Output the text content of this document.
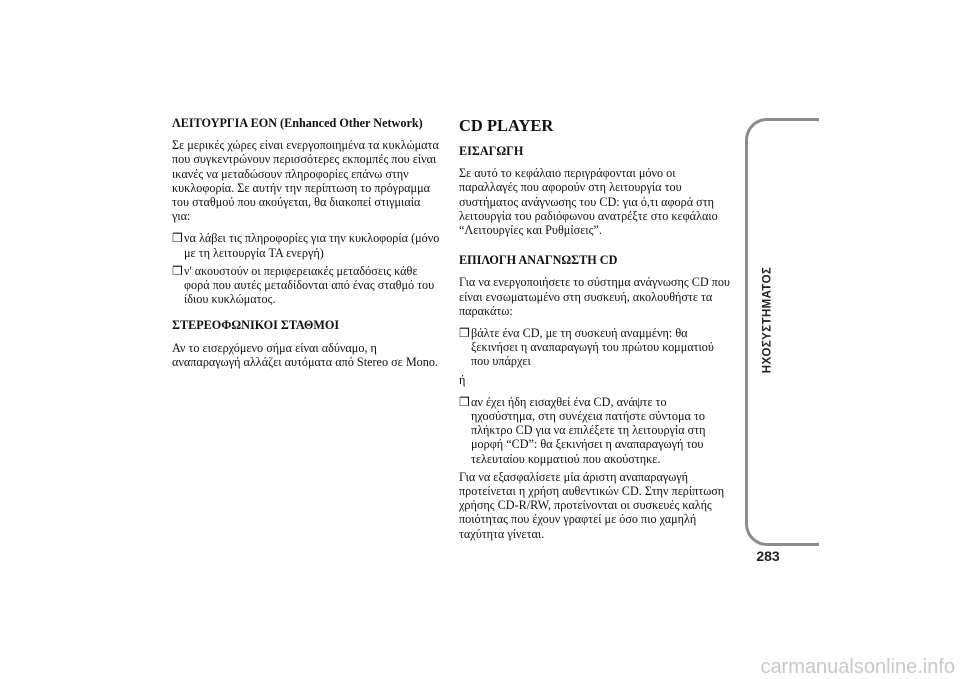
ΛΕΙΤΟΥΡΓΙΑ EON (Enhanced Other Network)

Σε μερικές χώρες είναι ενεργοποιημένα τα κυκλώματα που συγκεντρώνουν περισσότερες εκπομπές που είναι ικανές να μεταδώσουν πληροφορίες επάνω στην κυκλοφορία. Σε αυτήν την περίπτωση το πρόγραμμα του σταθμού που ακούγεται, θα διακοπεί στιγμιαία για:

❒ να λάβει τις πληροφορίες για την κυκλοφορία (μόνο με τη λειτουργία TA ενεργή)
❒ ν' ακουστούν οι περιφερειακές μεταδόσεις κάθε φορά που αυτές μεταδίδονται από ένας σταθμό του ίδιου κυκλώματος.

ΣΤΕΡΕΟΦΩΝΙΚΟΙ ΣΤΑΘΜΟΙ

Αν το εισερχόμενο σήμα είναι αδύναμο, η αναπαραγωγή αλλάζει αυτόματα από Stereo σε Mono.

CD PLAYER

ΕΙΣΑΓΩΓΗ

Σε αυτό το κεφάλαιο περιγράφονται μόνο οι παραλλαγές που αφορούν στη λειτουργία του συστήματος ανάγνωσης του CD: για ό,τι αφορά στη λειτουργία του ραδιόφωνου ανατρέξτε στο κεφάλαιο “Λειτουργίες και Ρυθμίσεις”.

ΕΠΙΛΟΓΗ ΑΝΑΓΝΩΣΤΗ CD

Για να ενεργοποιήσετε το σύστημα ανάγνωσης CD που είναι ενσωματωμένο στη συσκευή, ακολουθήστε τα παρακάτω:

❒ βάλτε ένα CD, με τη συσκευή αναμμένη: θα ξεκινήσει η αναπαραγωγή του πρώτου κομματιού που υπάρχει

ή

❒ αν έχει ήδη εισαχθεί ένα CD, ανάψτε το ηχοσύστημα, στη συνέχεια πατήστε σύντομα το πλήκτρο CD για να επιλέξετε τη λειτουργία στη μορφή “CD”: θα ξεκινήσει η αναπαραγωγή του τελευταίου κομματιού που ακούστηκε.

Για να εξασφαλίσετε μία άριστη αναπαραγωγή προτείνεται η χρήση αυθεντικών CD. Στην περίπτωση χρήσης CD-R/RW, προτείνονται οι συσκευές καλής ποιότητας που έχουν γραφτεί με όσο πιο χαμηλή ταχύτητα γίνεται.

ΗΧΟΣΥΣΤΗΜΑΤΟΣ
283
carmanualsonline.info
